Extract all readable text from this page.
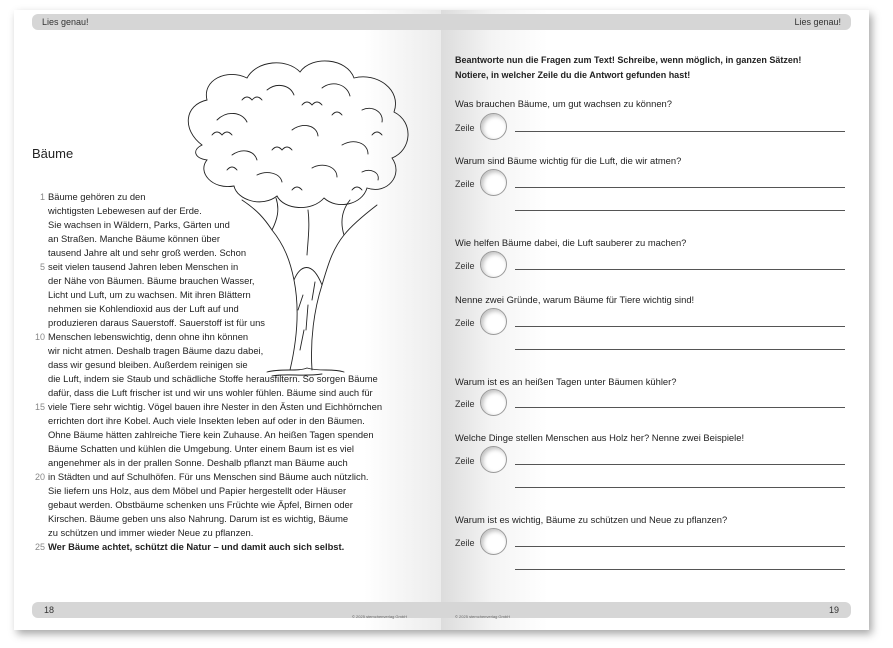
Lies genau!
Bäume
1
5
10
15
20
25
Bäume gehören zu den
wichtigsten Lebewesen auf der Erde.
Sie wachsen in Wäldern, Parks, Gärten und
an Straßen. Manche Bäume können über
tausend Jahre alt und sehr groß werden. Schon
seit vielen tausend Jahren leben Menschen in
der Nähe von Bäumen. Bäume brauchen Wasser,
Licht und Luft, um zu wachsen. Mit ihren Blättern
nehmen sie Kohlendioxid aus der Luft auf und
produzieren daraus Sauerstoff. Sauerstoff ist für uns
Menschen lebenswichtig, denn ohne ihn können
wir nicht atmen. Deshalb tragen Bäume dazu dabei,
dass wir gesund bleiben. Außerdem reinigen sie
die Luft, indem sie Staub und schädliche Stoffe herausfiltern. So sorgen Bäume
dafür, dass die Luft frischer ist und wir uns wohler fühlen. Bäume sind auch für
viele Tiere sehr wichtig. Vögel bauen ihre Nester in den Ästen und Eichhörnchen
errichten dort ihre Kobel. Auch viele Insekten leben auf oder in den Bäumen.
Ohne Bäume hätten zahlreiche Tiere kein Zuhause. An heißen Tagen spenden
Bäume Schatten und kühlen die Umgebung. Unter einem Baum ist es viel
angenehmer als in der prallen Sonne. Deshalb pflanzt man Bäume auch
in Städten und auf Schulhöfen. Für uns Menschen sind Bäume auch nützlich.
Sie liefern uns Holz, aus dem Möbel und Papier hergestellt oder Häuser
gebaut werden. Obstbäume schenken uns Früchte wie Äpfel, Birnen oder
Kirschen. Bäume geben uns also Nahrung. Darum ist es wichtig, Bäume
zu schützen und immer wieder Neue zu pflanzen.
Wer Bäume achtet, schützt die Natur – und damit auch sich selbst.
18
© 2025 stemchenverlag GmbH
Lies genau!
Beantworte nun die Fragen zum Text! Schreibe, wenn möglich, in ganzen Sätzen!
Notiere, in welcher Zeile du die Antwort gefunden hast!
Was brauchen Bäume, um gut wachsen zu können?
Zeile
Warum sind Bäume wichtig für die Luft, die wir atmen?
Zeile
Wie helfen Bäume dabei, die Luft sauberer zu machen?
Zeile
Nenne zwei Gründe, warum Bäume für Tiere wichtig sind!
Zeile
Warum ist es an heißen Tagen unter Bäumen kühler?
Zeile
Welche Dinge stellen Menschen aus Holz her? Nenne zwei Beispiele!
Zeile
Warum ist es wichtig, Bäume zu schützen und Neue zu pflanzen?
Zeile
© 2025 stemchenverlag GmbH
19
